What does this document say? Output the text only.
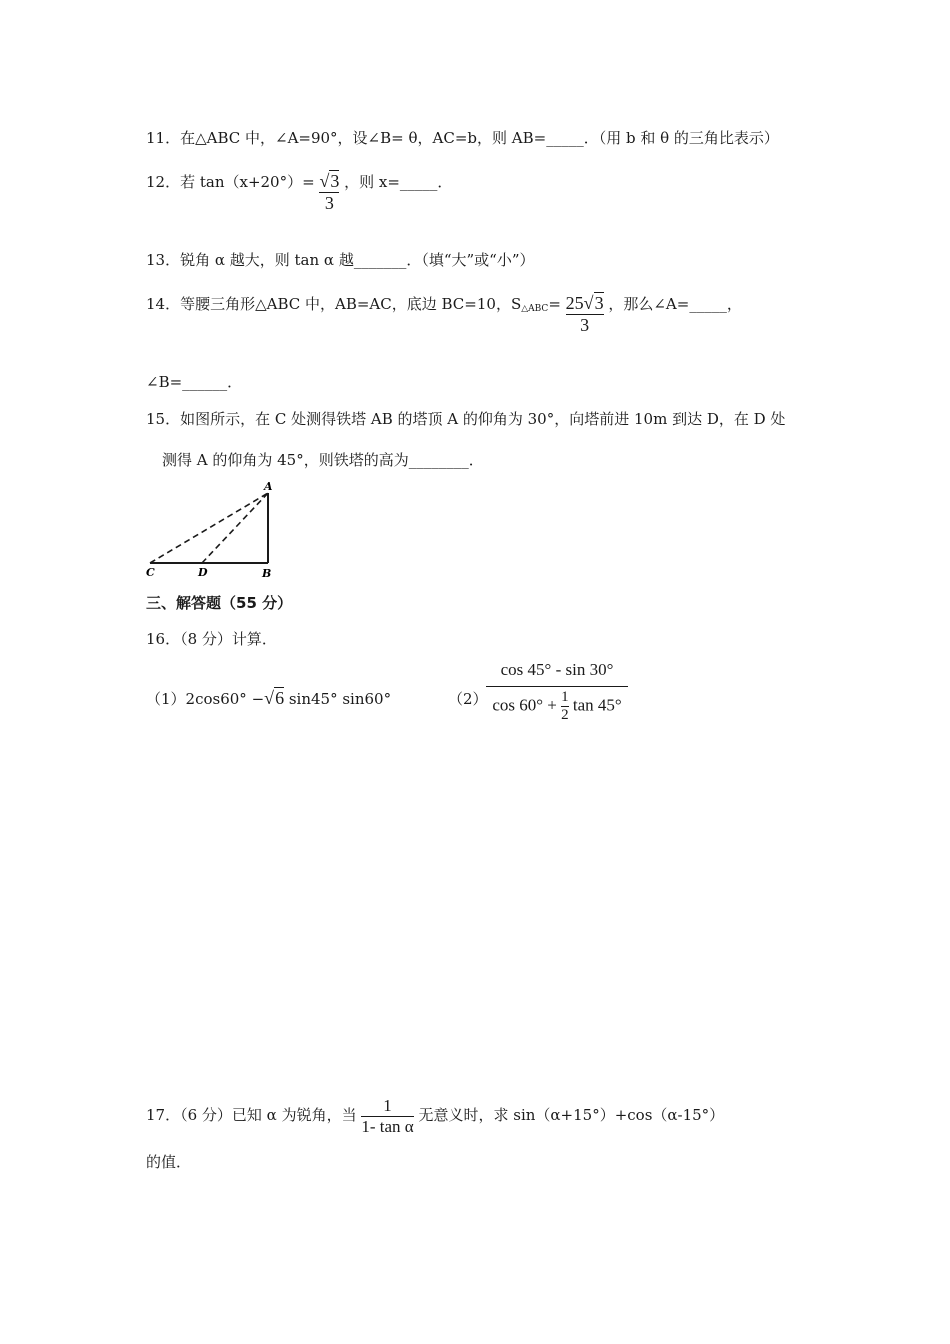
11．在△ABC 中，∠A=90°，设∠B= θ，AC=b，则 AB=_____．（用 b 和 θ 的三角比表示）
12．若 $\tan(x+20^\circ)= \frac{√3}{3}$ ，则 x=_____．
13．锐角 α 越大，则 tan α 越_______．（填“大”或“小”）
14．等腰三角形△ABC 中，AB=AC，底边 BC=10，$S_{\triangle ABC}= \frac{25√3}{3}$ ，那么∠A=_____，
∠B=______．
15．如图所示，在 C 处测得铁塔 AB 的塔顶 A 的仰角为 30°，向塔前进 10m 到达 D，在 D 处
测得 A 的仰角为 45°，则铁塔的高为________．
A
B
C	D
三、解答题（55 分）
16．（8 分）计算．
（1）2cos60° −√6 sin45° sin60°	（2）
cos 45° - sin 30°
$\cos 60^\circ + \frac{1}{2}$ tan 45°
17．（6 分）已知 α 为锐角，当 $\frac{1}{\text{1- tan α}}$ 无意义时，求 sin（α+15°）+cos（α-15°）
的值．
